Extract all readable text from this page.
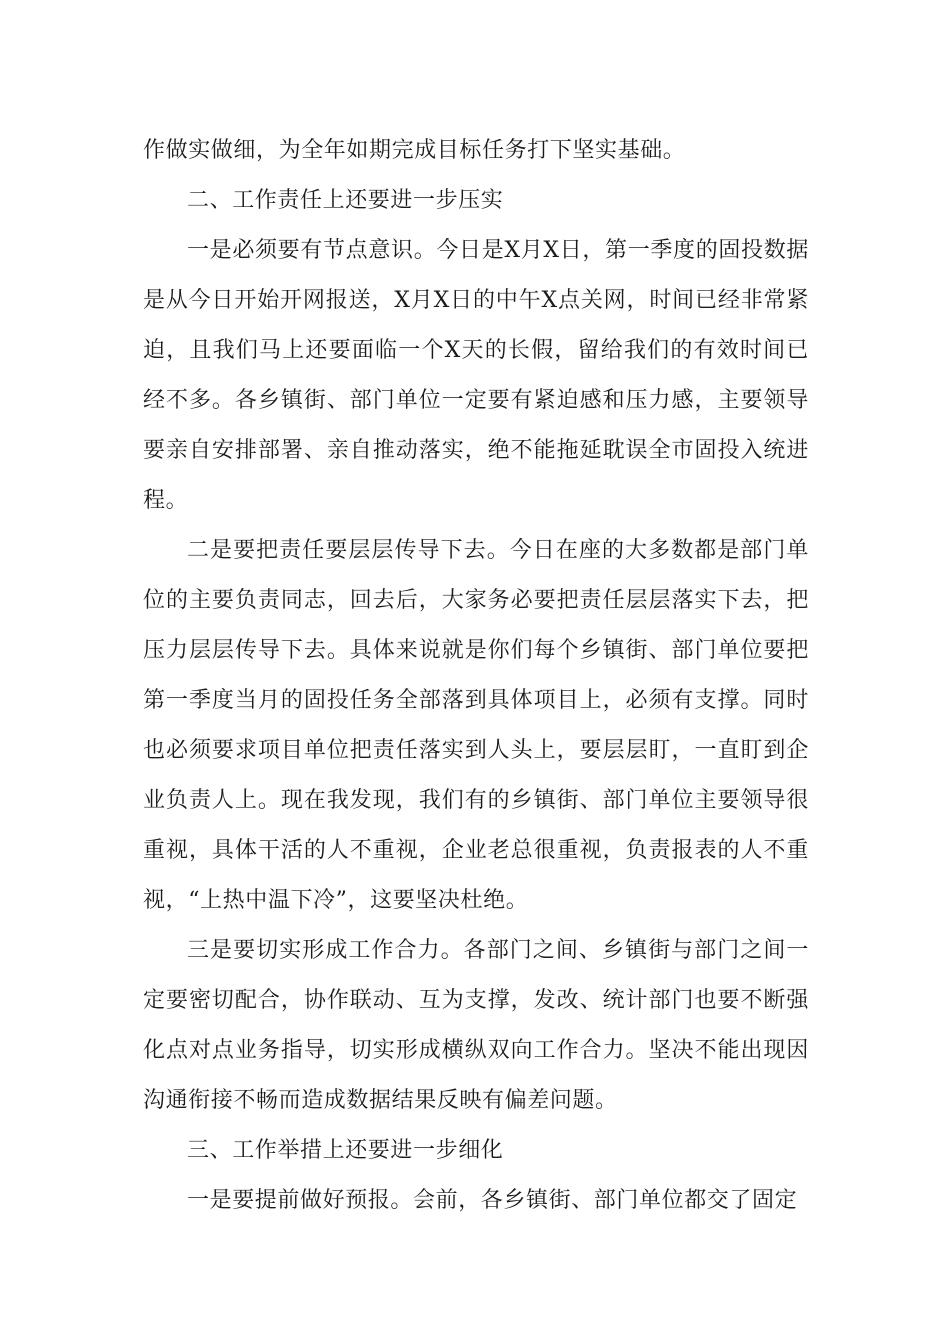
作做实做细，为全年如期完成目标任务打下坚实基础。

二、工作责任上还要进一步压实

一是必须要有节点意识。今日是X月X日，第一季度的固投数据是从今日开始开网报送，X月X日的中午X点关网，时间已经非常紧迫，且我们马上还要面临一个X天的长假，留给我们的有效时间已经不多。各乡镇街、部门单位一定要有紧迫感和压力感，主要领导要亲自安排部署、亲自推动落实，绝不能拖延耽误全市固投入统进程。

二是要把责任要层层传导下去。今日在座的大多数都是部门单位的主要负责同志，回去后，大家务必要把责任层层落实下去，把压力层层传导下去。具体来说就是你们每个乡镇街、部门单位要把第一季度当月的固投任务全部落到具体项目上，必须有支撑。同时也必须要求项目单位把责任落实到人头上，要层层盯，一直盯到企业负责人上。现在我发现，我们有的乡镇街、部门单位主要领导很重视，具体干活的人不重视，企业老总很重视，负责报表的人不重视，“上热中温下冷”，这要坚决杜绝。

三是要切实形成工作合力。各部门之间、乡镇街与部门之间一定要密切配合，协作联动、互为支撑，发改、统计部门也要不断强化点对点业务指导，切实形成横纵双向工作合力。坚决不能出现因沟通衔接不畅而造成数据结果反映有偏差问题。

三、工作举措上还要进一步细化

一是要提前做好预报。会前，各乡镇街、部门单位都交了固定
